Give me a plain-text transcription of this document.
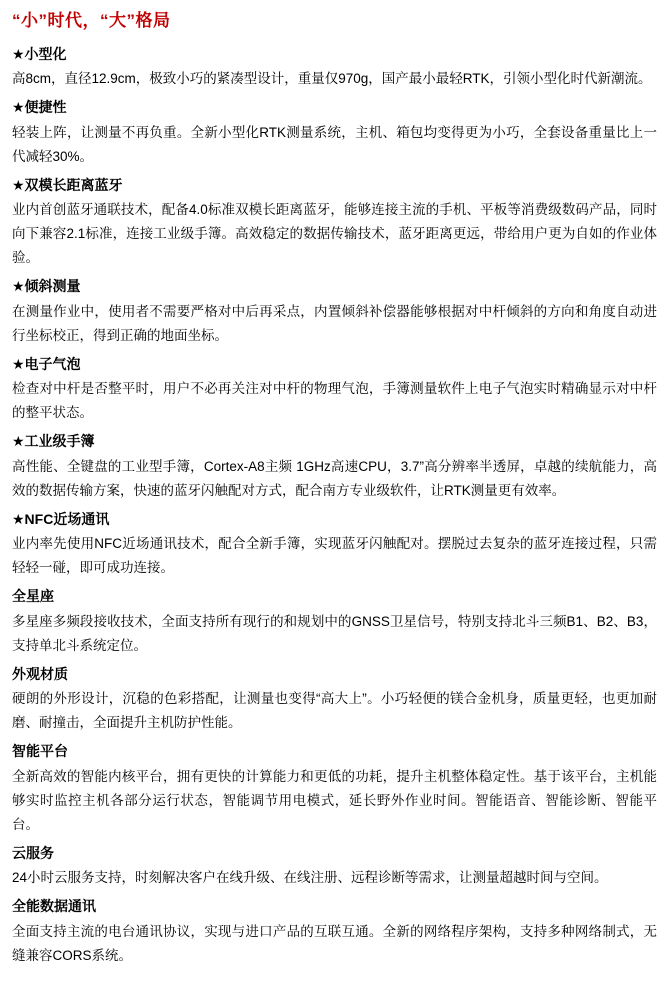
“小”时代，“大”格局
★小型化
高8cm，直径12.9cm，极致小巧的紧凑型设计，重量仅970g，国产最小最轻RTK，引领小型化时代新潮流。
★便捷性
轻装上阵，让测量不再负重。全新小型化RTK测量系统，主机、箱包均变得更为小巧，全套设备重量比上一代减轻30%。
★双模长距离蓝牙
业内首创蓝牙通联技术，配备4.0标准双模长距离蓝牙，能够连接主流的手机、平板等消费级数码产品，同时向下兼容2.1标准，连接工业级手簿。高效稳定的数据传输技术，蓝牙距离更远，带给用户更为自如的作业体验。
★倾斜测量
在测量作业中，使用者不需要严格对中后再采点，内置倾斜补偿器能够根据对中杆倾斜的方向和角度自动进行坐标校正，得到正确的地面坐标。
★电子气泡
检查对中杆是否整平时，用户不必再关注对中杆的物理气泡，手簿测量软件上电子气泡实时精确显示对中杆的整平状态。
★工业级手簿
高性能、全键盘的工业型手簿，Cortex-A8主频 1GHz高速CPU，3.7”高分辨率半透屏，卓越的续航能力，高效的数据传输方案，快速的蓝牙闪触配对方式，配合南方专业级软件，让RTK测量更有效率。
★NFC近场通讯
业内率先使用NFC近场通讯技术，配合全新手簿，实现蓝牙闪触配对。摆脱过去复杂的蓝牙连接过程，只需轻轻一碰，即可成功连接。
全星座
多星座多频段接收技术，全面支持所有现行的和规划中的GNSS卫星信号，特别支持北斗三频B1、B2、B3，支持单北斗系统定位。
外观材质
硬朗的外形设计，沉稳的色彩搭配，让测量也变得“高大上”。小巧轻便的镁合金机身，质量更轻，也更加耐磨、耐撞击，全面提升主机防护性能。
智能平台
全新高效的智能内核平台，拥有更快的计算能力和更低的功耗，提升主机整体稳定性。基于该平台，主机能够实时监控主机各部分运行状态，智能调节用电模式，延长野外作业时间。智能语音、智能诊断、智能平台。
云服务
24小时云服务支持，时刻解决客户在线升级、在线注册、远程诊断等需求，让测量超越时间与空间。
全能数据通讯
全面支持主流的电台通讯协议，实现与进口产品的互联互通。全新的网络程序架构，支持多种网络制式，无缝兼容CORS系统。
